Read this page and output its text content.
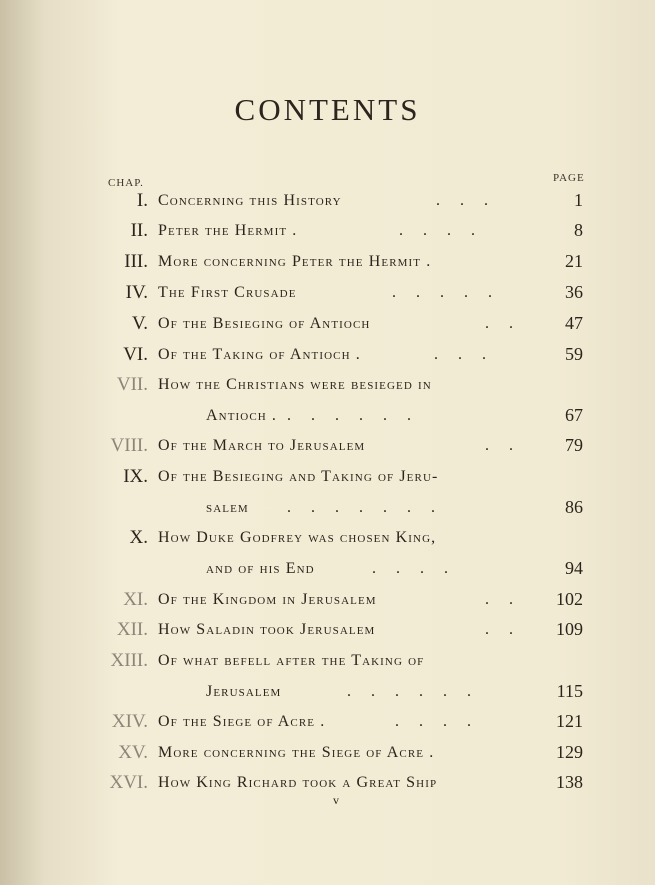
CONTENTS
CHAP.	PAGE
I. Concerning this History	. . .	1
II. Peter the Hermit .	. . . .	8
III. More concerning Peter the Hermit .	21
IV. The First Crusade	. . . . .	36
V. Of the Besieging of Antioch	. . 47
VI. Of the Taking of Antioch .	. . .	59
VII. How the Christians were besieged in
Antioch . . . . . . .	67
VIII. Of the March to Jerusalem	. . 79
IX. Of the Besieging and Taking of Jeru-
salem . . . . . . .	86
X. How Duke Godfrey was chosen King,
and of his End	. . . .	94
XI. Of the Kingdom in Jerusalem	. . 102
XII. How Saladin took Jerusalem	. . 109
XIII. Of what befell after the Taking of
Jerusalem	. . . . . .	115
XIV. Of the Siege of Acre .	. . . .	121
XV. More concerning the Siege of Acre .	129
XVI. How King Richard took a Great Ship	138
v
